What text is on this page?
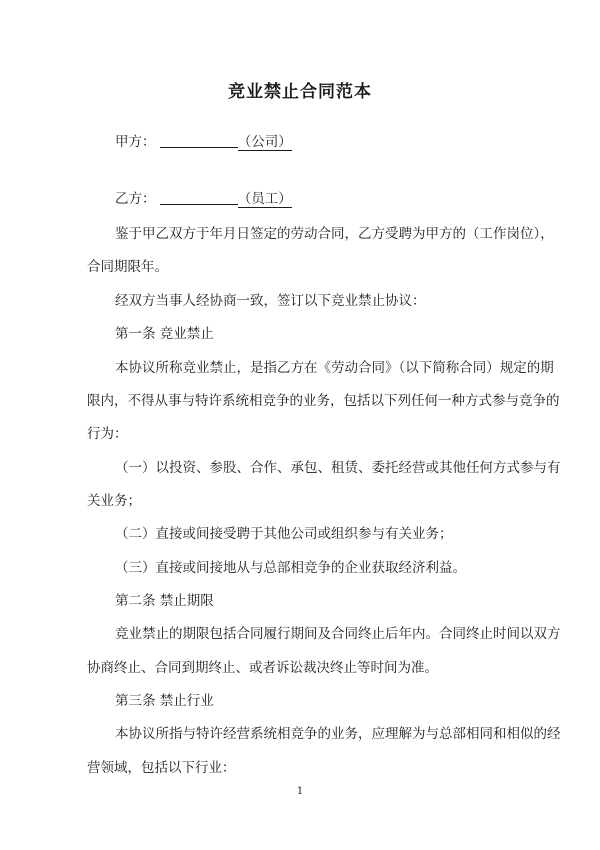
竞业禁止合同范本
甲方：	（公司）
乙方：	（员工）
鉴于甲乙双方于年月日签定的劳动合同，乙方受聘为甲方的（工作岗位），
合同期限年。
经双方当事人经协商一致，签订以下竞业禁止协议：
第一条 竞业禁止
本协议所称竞业禁止，是指乙方在《劳动合同》（以下简称合同）规定的期
限内，不得从事与特许系统相竞争的业务，包括以下列任何一种方式参与竞争的
行为：
（一）以投资、参股、合作、承包、租赁、委托经营或其他任何方式参与有
关业务；
（二）直接或间接受聘于其他公司或组织参与有关业务；
（三）直接或间接地从与总部相竞争的企业获取经济利益。
第二条 禁止期限
竞业禁止的期限包括合同履行期间及合同终止后年内。合同终止时间以双方
协商终止、合同到期终止、或者诉讼裁决终止等时间为准。
第三条 禁止行业
本协议所指与特许经营系统相竞争的业务，应理解为与总部相同和相似的经
营领域，包括以下行业：
1
